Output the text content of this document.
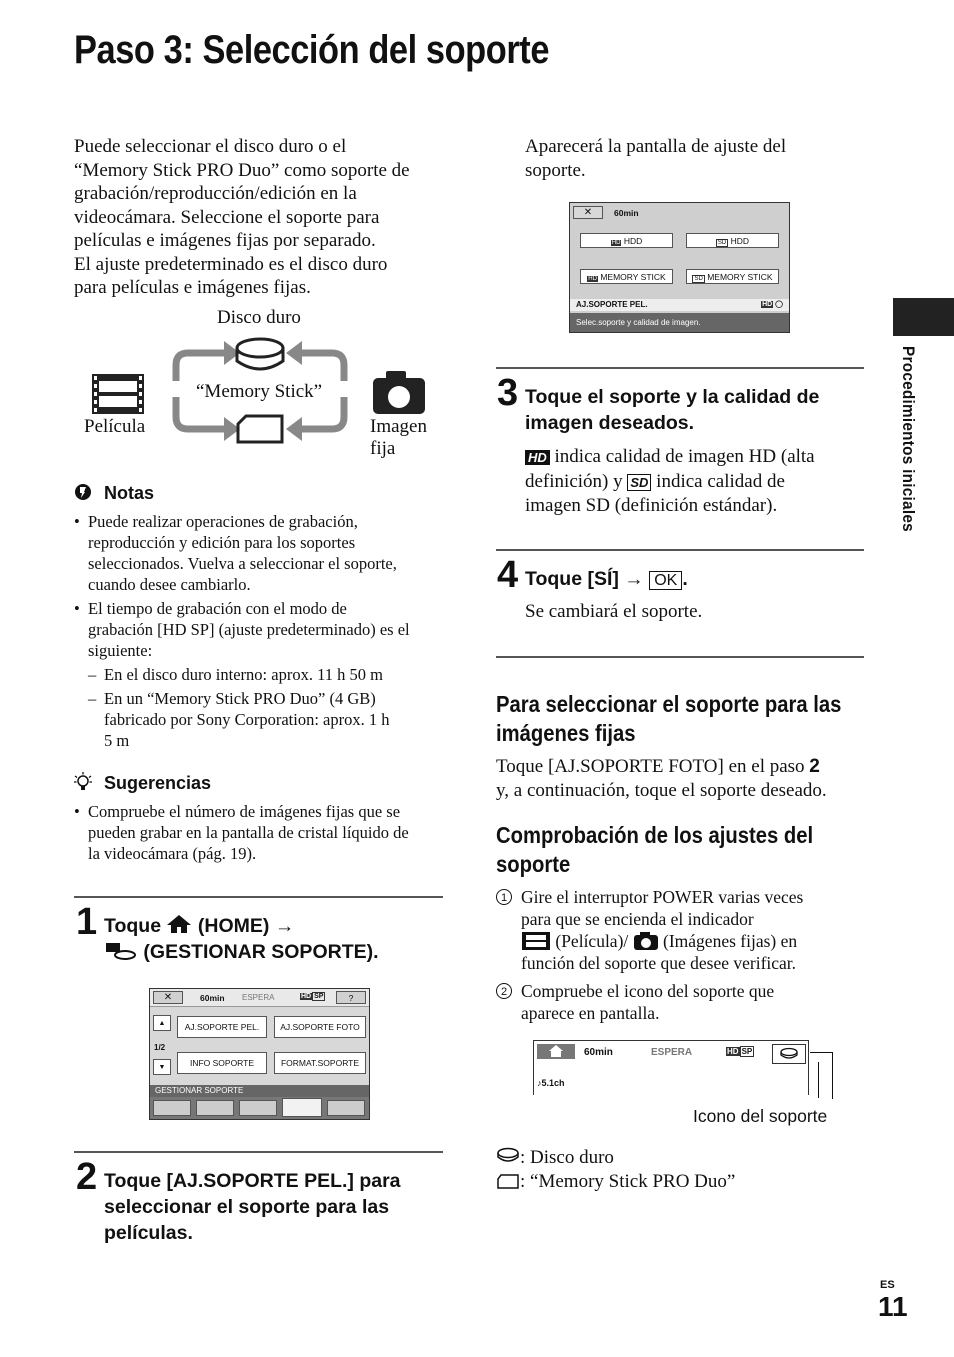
Paso 3: Selección del soporte
Procedimientos iniciales
Puede seleccionar el disco duro o el
“Memory Stick PRO Duo” como soporte de
grabación/reproducción/edición en la
videocámara. Seleccione el soporte para
películas e imágenes fijas por separado.
El ajuste predeterminado es el disco duro
para películas e imágenes fijas.
Disco duro
“Memory Stick”
Película	Imagen
fija
Notas
• Puede realizar operaciones de grabación,
reproducción y edición para los soportes
seleccionados. Vuelva a seleccionar el soporte,
cuando desee cambiarlo.
• El tiempo de grabación con el modo de
grabación [HD SP] (ajuste predeterminado) es el
siguiente:
– En el disco duro interno: aprox. 11 h 50 m
– En un “Memory Stick PRO Duo” (4 GB)
fabricado por Sony Corporation: aprox. 1 h
5 m
Sugerencias
• Compruebe el número de imágenes fijas que se
pueden grabar en la pantalla de cristal líquido de
la videocámara (pág. 19).
1 Toque (HOME) →
(GESTIONAR SOPORTE).
✕	60min ESPERA	HD SP	?
▲
1/2
▼
AJ.SOPORTE PEL.	AJ.SOPORTE FOTO
INFO SOPORTE	FORMAT.SOPORTE
GESTIONAR SOPORTE
2 Toque [AJ.SOPORTE PEL.] para
seleccionar el soporte para las
películas.
Aparecerá la pantalla de ajuste del
soporte.
✕	60min
HD HDD	SD HDD
HD MEMORY STICK	SD MEMORY STICK
AJ.SOPORTE PEL.	HD ◯
Selec.soporte y calidad de imagen.
3 Toque el soporte y la calidad de
imagen deseados.
HD indica calidad de imagen HD (alta
definición) y SD indica calidad de
imagen SD (definición estándar).
4 Toque [SÍ] → OK .
Se cambiará el soporte.
Para seleccionar el soporte para las
imágenes fijas
Toque [AJ.SOPORTE FOTO] en el paso 2
y, a continuación, toque el soporte deseado.
Comprobación de los ajustes del
soporte
1 Gire el interruptor POWER varias veces
para que se encienda el indicador
(Película)/ (Imágenes fijas) en
función del soporte que desee verificar.
2 Compruebe el icono del soporte que
aparece en pantalla.
60min	ESPERA	HD SP
♪5.1ch
Icono del soporte
: Disco duro
: “Memory Stick PRO Duo”
ES
11
